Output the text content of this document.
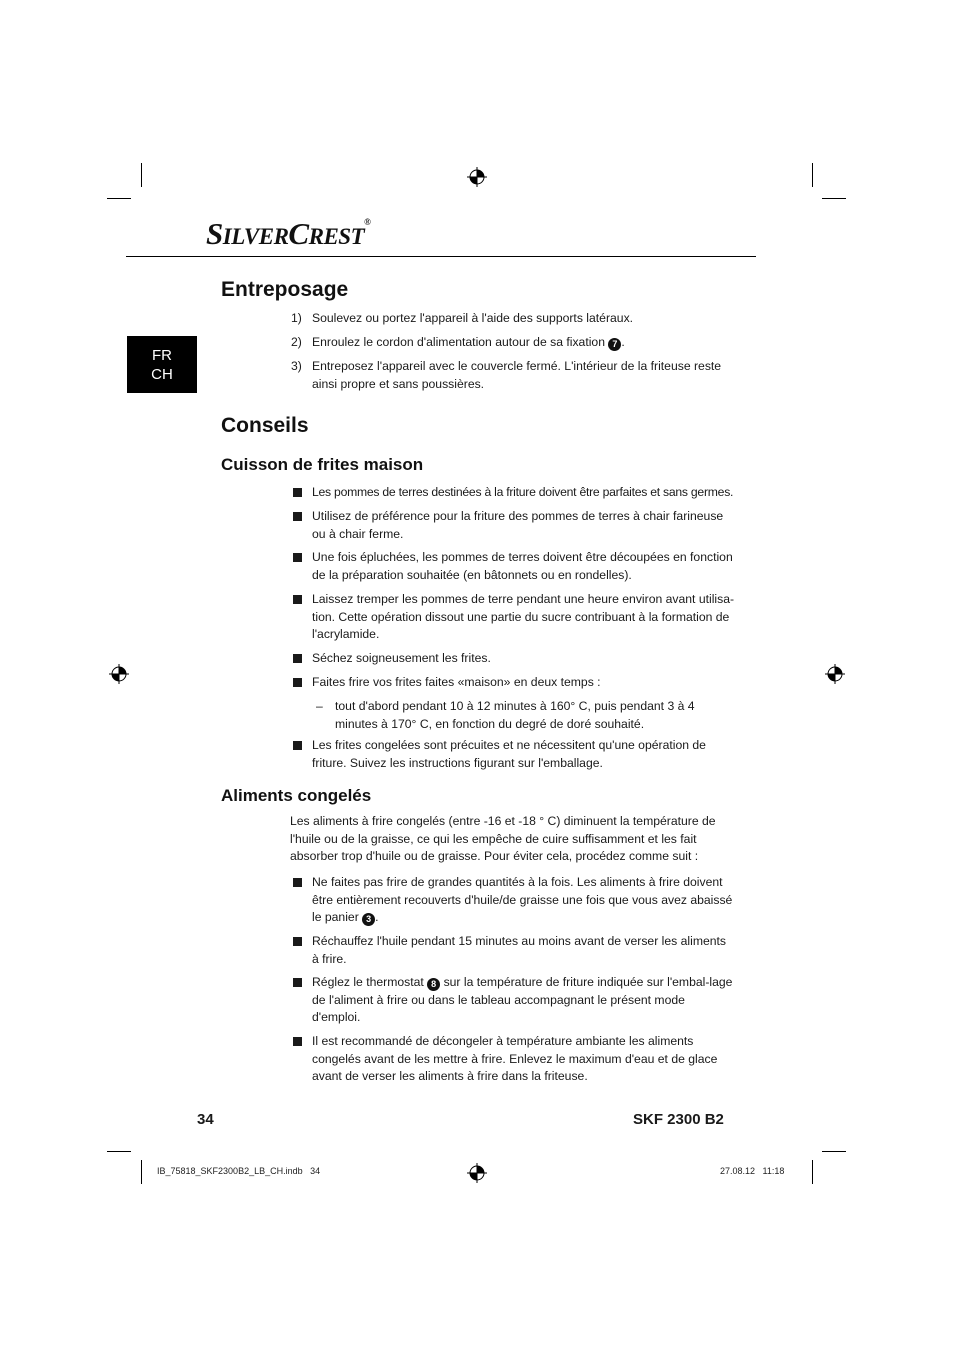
SILVERCREST®
FR
CH
Entreposage
1) Soulevez ou portez l'appareil à l'aide des supports latéraux.
2) Enroulez le cordon d'alimentation autour de sa fixation 7 .
3) Entreposez l'appareil avec le couvercle fermé. L'intérieur de la friteuse reste ainsi propre et sans poussières.
Conseils
Cuisson de frites maison
Les pommes de terres destinées à la friture doivent être parfaites et sans germes.
Utilisez de préférence pour la friture des pommes de terres à chair farineuse ou à chair ferme.
Une fois épluchées, les pommes de terres doivent être découpées en fonction de la préparation souhaitée (en bâtonnets ou en rondelles).
Laissez tremper les pommes de terre pendant une heure environ avant utilisa-tion. Cette opération dissout une partie du sucre contribuant à la formation de l'acrylamide.
Séchez soigneusement les frites.
Faites frire vos frites faites «maison» en deux temps :
– tout d'abord pendant 10 à 12 minutes à 160° C, puis pendant 3 à 4 minutes à 170° C, en fonction du degré de doré souhaité.
Les frites congelées sont précuites et ne nécessitent qu'une opération de friture. Suivez les instructions figurant sur l'emballage.
Aliments congelés
Les aliments à frire congelés (entre -16 et -18 ° C) diminuent la température de l'huile ou de la graisse, ce qui les empêche de cuire suffisamment et les fait absorber trop d'huile ou de graisse. Pour éviter cela, procédez comme suit :
Ne faites pas frire de grandes quantités à la fois. Les aliments à frire doivent être entièrement recouverts d'huile/de graisse une fois que vous avez abaissé le panier 3 .
Réchauffez l'huile pendant 15 minutes au moins avant de verser les aliments à frire.
Réglez le thermostat 8 sur la température de friture indiquée sur l'embal-lage de l'aliment à frire ou dans le tableau accompagnant le présent mode d'emploi.
Il est recommandé de décongeler à température ambiante les aliments congelés avant de les mettre à frire. Enlevez le maximum d'eau et de glace avant de verser les aliments à frire dans la friteuse.
34	SKF 2300 B2
IB_75818_SKF2300B2_LB_CH.indb   34	27.08.12   11:18
